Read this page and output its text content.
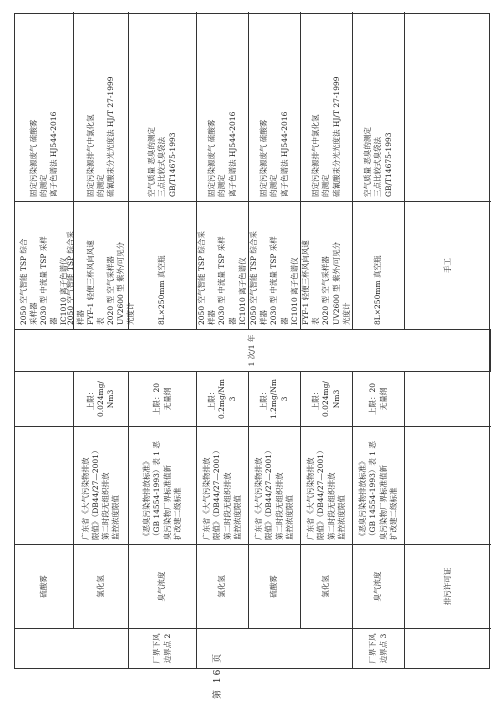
第 16 页
硫酸雾
2050 空气智能 TSP 综合 采样器 2030 型 中流量 TSP 采样 器 IC1010 离子色谱仪
固定污染源废气 硫酸雾 的测定 离子色谱法 HJ544-2016
氯化氢
广东省《大气污染物排放 限值》（DB44/27—2001） 第二时段无组织排放 监控浓度限值
上限： 0.024mg/ Nm3
2050 空气智能 TSP 综合采 样器 FYF-1 轻便三杯风向风速 表 2020 型 空气采样器 UV2600 型 紫外/可见分 光度计
固定污染源排气中氯化氢 的测定 硫氰酸汞分光光度法 HJ/T 27-1999
厂界下风边界点 2
臭气浓度
《恶臭污染物排放标准》 （GB 14554-1993）表 1 恶 臭污染物厂界标准值新 扩改建二级标准
上限：20 无量纲
8L×250mm 真空瓶
空气质量 恶臭的测定 三点比较式臭袋法 GB/T14675-1993
氯化氢
广东省《大气污染物排放 限值》（DB44/27—2001） 第二时段无组织排放 监控浓度限值
上限： 0.2mg/Nm 3
2050 空气智能 TSP 综合采 样器 2030 型 中流量 TSP 采样 器 IC1010 离子色谱仪
固定污染源废气 硫酸雾 的测定 离子色谱法 HJ544-2016
硫酸雾
广东省《大气污染物排放 限值》（DB44/27—2001） 第二时段无组织排放 监控浓度限值
上限： 1.2mg/Nm 3
2050 空气智能 TSP 综合采 样器 2030 型 中流量 TSP 采样 器 IC1010 离子色谱仪
固定污染源废气 硫酸雾 的测定 离子色谱法 HJ544-2016
氯化氢
广东省《大气污染物排放 限值》（DB44/27—2001） 第二时段无组织排放 监控浓度限值
上限： 0.024mg/ Nm3
FYF-1 轻便三杯风向风速 表 2020 型 空气采样器 UV2600 型 紫外/可见分 光度计
固定污染源排气中氯化氢 的测定 硫氰酸汞分光光度法 HJ/T 27-1999
厂界下风边界点 3
臭气浓度
《恶臭污染物排放标准》 （GB 14554-1993）表 1 恶 臭污染物厂界标准值新 扩改建二级标准
上限：20 无量纲
8L×250mm 真空瓶
空气质量 恶臭的测定 三点比较式臭袋法 GB/T14675-1993
1 次/1 年
排污许可证
手工
